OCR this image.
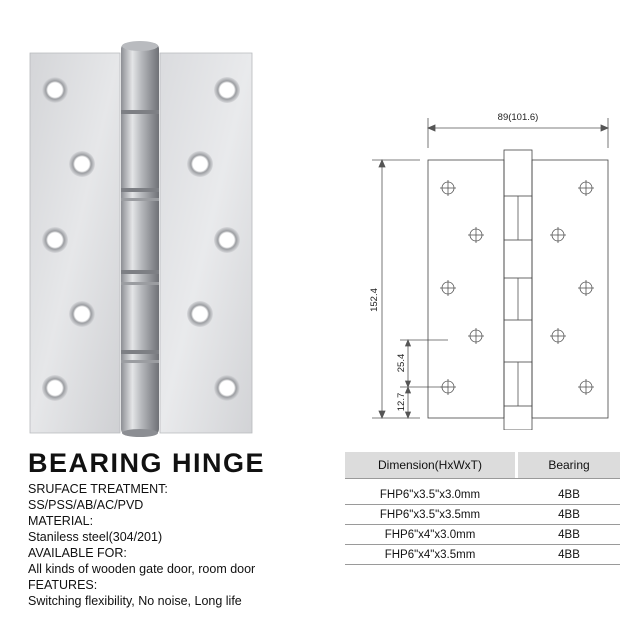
BEARING HINGE
SRUFACE TREATMENT:
SS/PSS/AB/AC/PVD
MATERIAL:
Staniless steel(304/201)
AVAILABLE FOR:
All kinds of wooden gate door, room door
FEATURES:
Switching flexibility, No noise, Long life
89(101.6)
152.4
25.4
12.7
Dimension(HxWxT)		Bearing
FHP6"x3.5"x3.0mm		4BB
FHP6"x3.5"x3.5mm		4BB
FHP6"x4"x3.0mm		4BB
FHP6"x4"x3.5mm		4BB
